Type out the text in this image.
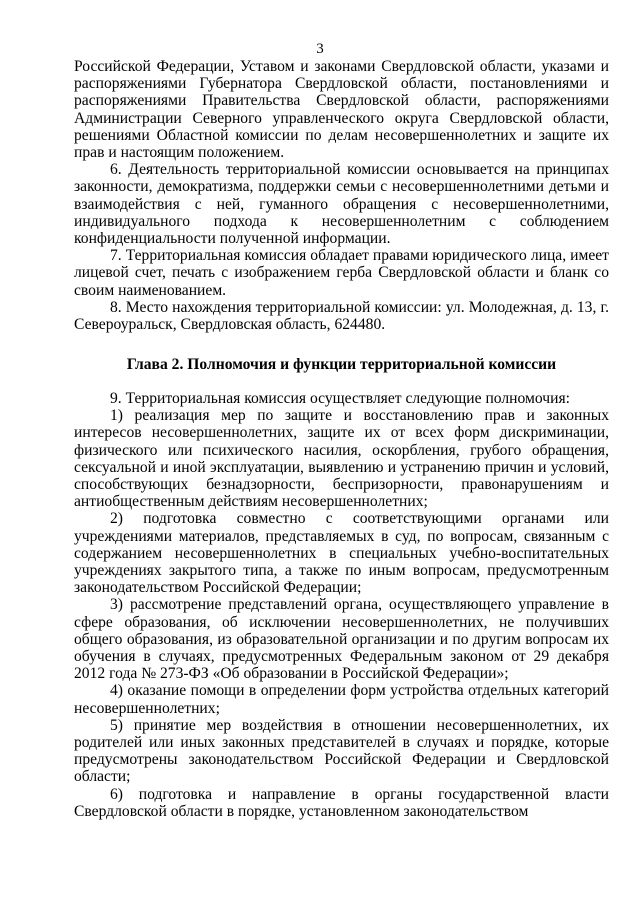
3

Российской Федерации, Уставом и законами Свердловской области, указами и распоряжениями Губернатора Свердловской области, постановлениями и распоряжениями Правительства Свердловской области, распоряжениями Администрации Северного управленческого округа Свердловской области, решениями Областной комиссии по делам несовершеннолетних и защите их прав и настоящим положением.

6. Деятельность территориальной комиссии основывается на принципах законности, демократизма, поддержки семьи с несовершеннолетними детьми и взаимодействия с ней, гуманного обращения с несовершеннолетними, индивидуального подхода к несовершеннолетним с соблюдением конфиденциальности полученной информации.

7. Территориальная комиссия обладает правами юридического лица, имеет лицевой счет, печать с изображением герба Свердловской области и бланк со своим наименованием.

8. Место нахождения территориальной комиссии: ул. Молодежная, д. 13, г. Североуральск, Свердловская область, 624480.

Глава 2. Полномочия и функции территориальной комиссии

9. Территориальная комиссия осуществляет следующие полномочия:

1) реализация мер по защите и восстановлению прав и законных интересов несовершеннолетних, защите их от всех форм дискриминации, физического или психического насилия, оскорбления, грубого обращения, сексуальной и иной эксплуатации, выявлению и устранению причин и условий, способствующих безнадзорности, беспризорности, правонарушениям и антиобщественным действиям несовершеннолетних;

2) подготовка совместно с соответствующими органами или учреждениями материалов, представляемых в суд, по вопросам, связанным с содержанием несовершеннолетних в специальных учебно-воспитательных учреждениях закрытого типа, а также по иным вопросам, предусмотренным законодательством Российской Федерации;

3) рассмотрение представлений органа, осуществляющего управление в сфере образования, об исключении несовершеннолетних, не получивших общего образования, из образовательной организации и по другим вопросам их обучения в случаях, предусмотренных Федеральным законом от 29 декабря 2012 года № 273-ФЗ «Об образовании в Российской Федерации»;

4) оказание помощи в определении форм устройства отдельных категорий несовершеннолетних;

5) принятие мер воздействия в отношении несовершеннолетних, их родителей или иных законных представителей в случаях и порядке, которые предусмотрены законодательством Российской Федерации и Свердловской области;

6) подготовка и направление в органы государственной власти Свердловской области в порядке, установленном законодательством
